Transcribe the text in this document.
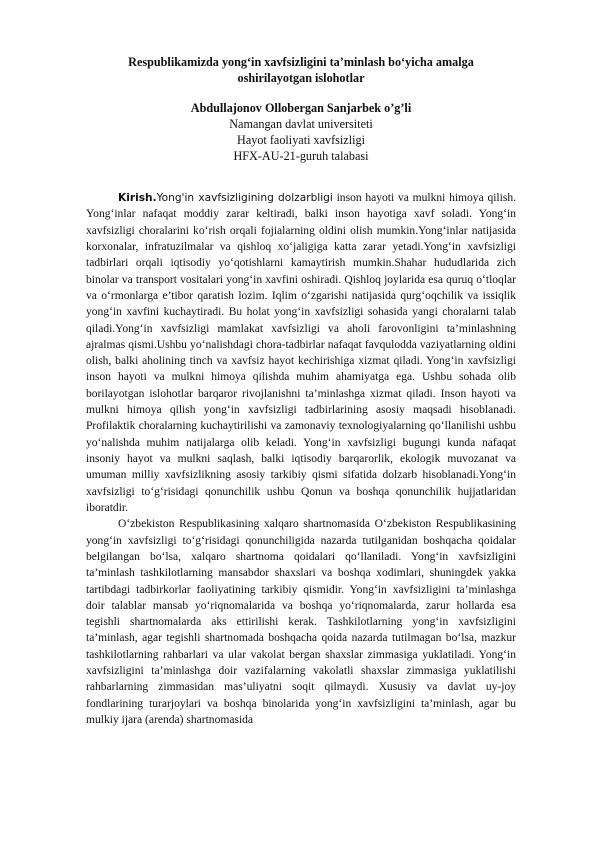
Respublikamizda yong‘in xavfsizligini ta’minlash bo‘yicha amalga oshirilayotgan islohotlar
Abdullajonov Ollobergan Sanjarbek o’g’li
Namangan davlat universiteti
Hayot faoliyati xavfsizligi
HFX-AU-21-guruh talabasi

Kirish.Yong'in xavfsizligining dolzarbligi inson hayoti va mulkni himoya qilish. Yong‘inlar nafaqat moddiy zarar keltiradi, balki inson hayotiga xavf soladi. Yong‘in xavfsizligi choralarini ko‘rish orqali fojialarning oldini olish mumkin.Yong‘inlar natijasida korxonalar, infratuzilmalar va qishloq xo‘jaligiga katta zarar yetadi.Yong‘in xavfsizligi tadbirlari orqali iqtisodiy yo‘qotishlarni kamaytirish mumkin.Shahar hududlarida zich binolar va transport vositalari yong‘in xavfini oshiradi. Qishloq joylarida esa quruq o‘tloqlar va o‘rmonlarga e’tibor qaratish lozim. Iqlim o‘zgarishi natijasida qurg‘oqchilik va issiqlik yong‘in xavfini kuchaytiradi. Bu holat yong‘in xavfsizligi sohasida yangi choralarni talab qiladi.Yong‘in xavfsizligi mamlakat xavfsizligi va aholi farovonligini ta’minlashning ajralmas qismi.Ushbu yo‘nalishdagi chora-tadbirlar nafaqat favqulodda vaziyatlarning oldini olish, balki aholining tinch va xavfsiz hayot kechirishiga xizmat qiladi. Yong‘in xavfsizligi inson hayoti va mulkni himoya qilishda muhim ahamiyatga ega. Ushbu sohada olib borilayotgan islohotlar barqaror rivojlanishni ta’minlashga xizmat qiladi. Inson hayoti va mulkni himoya qilish yong‘in xavfsizligi tadbirlarining asosiy maqsadi hisoblanadi. Profilaktik choralarning kuchaytirilishi va zamonaviy texnologiyalarning qo‘llanilishi ushbu yo‘nalishda muhim natijalarga olib keladi. Yong‘in xavfsizligi bugungi kunda nafaqat insoniy hayot va mulkni saqlash, balki iqtisodiy barqarorlik, ekologik muvozanat va umuman milliy xavfsizlikning asosiy tarkibiy qismi sifatida dolzarb hisoblanadi.Yong‘in xavfsizligi to‘g‘risidagi qonunchilik ushbu Qonun va boshqa qonunchilik hujjatlaridan iboratdir.

O‘zbekiston Respublikasining xalqaro shartnomasida O‘zbekiston Respublikasining yong‘in xavfsizligi to‘g‘risidagi qonunchiligida nazarda tutilganidan boshqacha qoidalar belgilangan bo‘lsa, xalqaro shartnoma qoidalari qo‘llaniladi. Yong‘in xavfsizligini ta’minlash tashkilotlarning mansabdor shaxslari va boshqa xodimlari, shuningdek yakka tartibdagi tadbirkorlar faoliyatining tarkibiy qismidir. Yong‘in xavfsizligini ta’minlashga doir talablar mansab yo‘riqnomalarida va boshqa yo‘riqnomalarda, zarur hollarda esa tegishli shartnomalarda aks ettirilishi kerak. Tashkilotlarning yong‘in xavfsizligini ta’minlash, agar tegishli shartnomada boshqacha qoida nazarda tutilmagan bo‘lsa, mazkur tashkilotlarning rahbarlari va ular vakolat bergan shaxslar zimmasiga yuklatiladi. Yong‘in xavfsizligini ta’minlashga doir vazifalarning vakolatli shaxslar zimmasiga yuklatilishi rahbarlarning zimmasidan mas’uliyatni soqit qilmaydi. Xususiy va davlat uy-joy fondlarining turarjoylari va boshqa binolarida yong‘in xavfsizligini ta’minlash, agar bu mulkiy ijara (arenda) shartnomasida
